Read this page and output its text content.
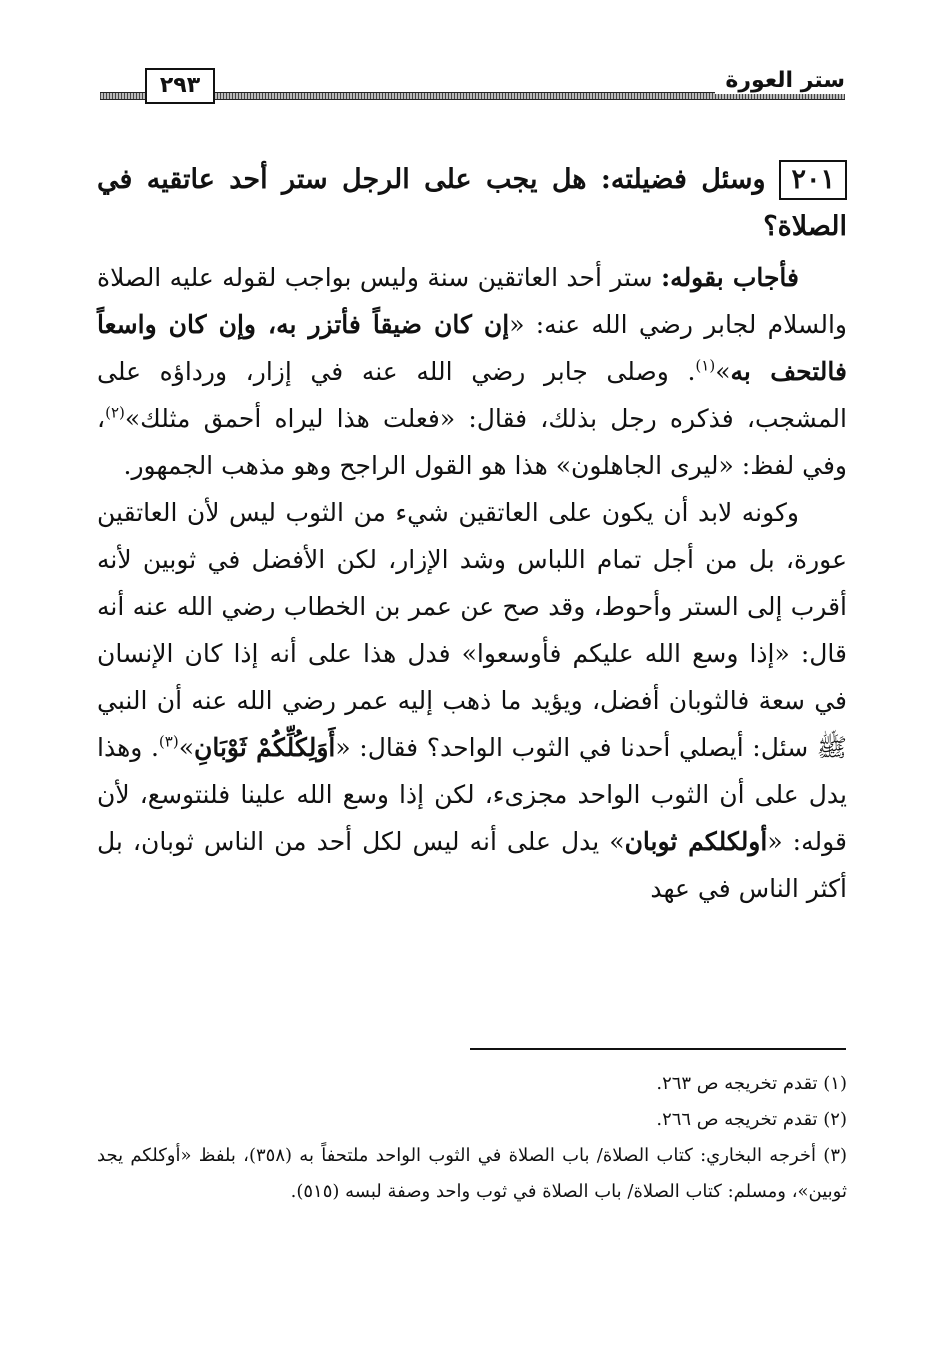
٢٩٣	ستر العورة

٢٠١وسئل فضيلته: هل يجب على الرجل ستر أحد عاتقيه في الصلاة؟

فأجاب بقوله: ستر أحد العاتقين سنة وليس بواجب لقوله عليه الصلاة والسلام لجابر رضي الله عنه: «إن كان ضيقاً فأتزر به، وإن كان واسعاً فالتحف به»$^{(١)}$. وصلى جابر رضي الله عنه في إزار، ورداؤه على المشجب، فذكره رجل بذلك، فقال: «فعلت هذا ليراه أحمق مثلك»$^{(٢)}$، وفي لفظ: «ليرى الجاهلون» هذا هو القول الراجح وهو مذهب الجمهور.

وكونه لابد أن يكون على العاتقين شيء من الثوب ليس لأن العاتقين عورة، بل من أجل تمام اللباس وشد الإزار، لكن الأفضل في ثوبين لأنه أقرب إلى الستر وأحوط، وقد صح عن عمر بن الخطاب رضي الله عنه أنه قال: «إذا وسع الله عليكم فأوسعوا» فدل هذا على أنه إذا كان الإنسان في سعة فالثوبان أفضل، ويؤيد ما ذهب إليه عمر رضي الله عنه أن النبي ﷺ سئل: أيصلي أحدنا في الثوب الواحد؟ فقال: «أَوَلِكُلِّكُمْ ثَوْبَانِ»$^{(٣)}$. وهذا يدل على أن الثوب الواحد مجزىء، لكن إذا وسع الله علينا فلنتوسع، لأن قوله: «أولكلكم ثوبان» يدل على أنه ليس لكل أحد من الناس ثوبان، بل أكثر الناس في عهد

(١) تقدم تخريجه ص ٢٦٣.

(٢) تقدم تخريجه ص ٢٦٦.

(٣) أخرجه البخاري: كتاب الصلاة/ باب الصلاة في الثوب الواحد ملتحفاً به (٣٥٨)، بلفظ «أوكلكم يجد ثوبين»، ومسلم: كتاب الصلاة/ باب الصلاة في ثوب واحد وصفة لبسه (٥١٥).
